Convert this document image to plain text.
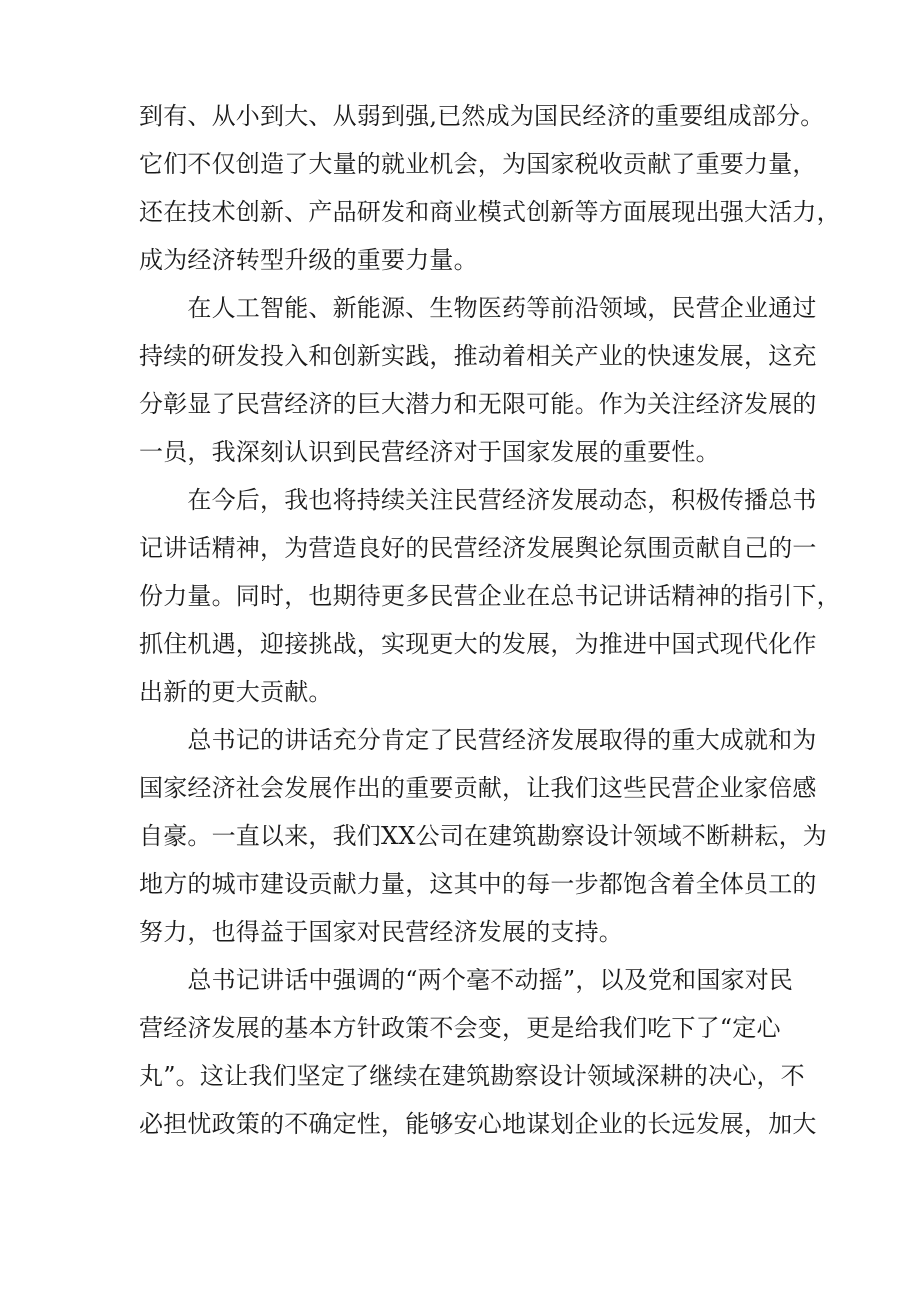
到有、从小到大、从弱到强,已然成为国民经济的重要组成部分。
它们不仅创造了大量的就业机会，为国家税收贡献了重要力量，
还在技术创新、产品研发和商业模式创新等方面展现出强大活力，
成为经济转型升级的重要力量。
　　在人工智能、新能源、生物医药等前沿领域，民营企业通过
持续的研发投入和创新实践，推动着相关产业的快速发展，这充
分彰显了民营经济的巨大潜力和无限可能。作为关注经济发展的
一员，我深刻认识到民营经济对于国家发展的重要性。
　　在今后，我也将持续关注民营经济发展动态，积极传播总书
记讲话精神，为营造良好的民营经济发展舆论氛围贡献自己的一
份力量。同时，也期待更多民营企业在总书记讲话精神的指引下，
抓住机遇，迎接挑战，实现更大的发展，为推进中国式现代化作
出新的更大贡献。
　　总书记的讲话充分肯定了民营经济发展取得的重大成就和为
国家经济社会发展作出的重要贡献，让我们这些民营企业家倍感
自豪。一直以来，我们XX公司在建筑勘察设计领域不断耕耘，为
地方的城市建设贡献力量，这其中的每一步都饱含着全体员工的
努力，也得益于国家对民营经济发展的支持。
　　总书记讲话中强调的“两个毫不动摇”，以及党和国家对民
营经济发展的基本方针政策不会变，更是给我们吃下了“定心
丸”。这让我们坚定了继续在建筑勘察设计领域深耕的决心，不
必担忧政策的不确定性，能够安心地谋划企业的长远发展，加大
